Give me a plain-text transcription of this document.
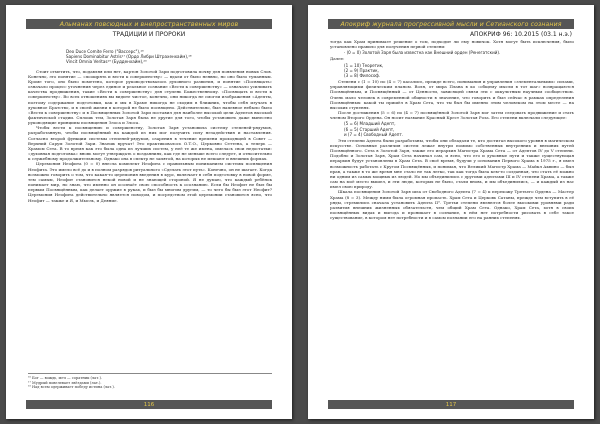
Альманах повсюдных и внепространственных миров
ТРАДИЦИИ И ПРОРОКИ
Deo Duce Comite Ferro ("Вассерс"),¹⁶
Sapiens Dominabitur Astris¹⁷ (Ордо Либри Штрахенхайм),¹⁸
Vincit Omnia Veritas¹⁹ (Будденхайм),²⁰

Стоит отметить, что, подавляя или нет, картон Золотой Зари подготовила почву для появления новых Слов. Конечно, это понятие — «поощрять и вести к совершенству» — вдали от было неявно, но оно было туманным. Кроме того, оно было пометено, которое руководствовалось духовного развития, и понятие «Посвящать» означало процесс уточнения через единое и реальное сознание «Вести к совершенству» — означало усиливать качества продвижения, такие «Вести к совершенству» для ступень Божественному. «Посвящать и вести к совершенству». Во всех отношениях вы видите чистое, конечно, они никогда не смогли изображения «Адепты, поэтому содержание подготовки, как и мы в Храме никогда не сходим в ближних, чтобы себя изучать в духовное Братство, и в своей жизни в которой не было посвящено. Действительно, был напевное небыло было «Вести к совершенству» и в Посвященных Золотой Зари поставил для наиболее высокой цели Адептов высокой фактической стадии. Сплошь тем, Золотая Заря была не другие для того, чтобы установить даже вынесено руководящие принципы посвящения Злоса и Злоса.

Чтобы вести к посвящению и совершенству, Золотая Заря установила систему степеней-рядумов, разработанную, чтобы посвящённый на каждой из них мог получить силу незадействия и наставления. Согласно второй функции системы степеней-рядумов, озарения в течение времени проходящей в Совет — Верхний Сарум Золотой Зари. Знаешь вручат! Это практиковалось О.Т.О., Церковно Сеттена, а теперь — Храмом Сета. В то время как это была одна из лучших систем, у неё те же имена, имелась свои недостатки: «духовная подготовка» вновь могут утверждать о воздаяниях, как где не меньше всего следует, и относительно к служебному продолжительному. Однако она в спектр не запятой, на которых не мешают и внешних формах.

Церемония Неофита (0 = 0) внесла комплект Неофита с правильным пониманием системы посвящения Неофита. Это имело всё до и в полном разрядов ритуального «Сделать этот путь». Конечно, он не шагает. Когда возможно говорить о том, что какая-то церемония введения в курс, включает в себя подготовку в новой форме, тем самым, Неофит становится некой новой и не знающей стороной. Я не думаю, что каждый ребёнок понимает мир, но знаю, что именно он осознаёт свою способность к осознанию. Если бы Неофит не был бы первым Посвящённым, как делает оружие в руках, и был бы многим другим, — то чего бы был этот Неофит? Церемония Неофита действительно является поводом, и посредством этой церемонии становится ясно, что Неофит — также и Я, и Мысль, и Деяние.

¹⁶ Бог — вождь, меч — соратник (лат.).
¹⁷ Мудрый повелевает звёздами (лат.).
¹⁸ Над всем одерживает победу истина (лат.).
116
Апокриф журнала прогрессивной мысли и Сетианского сознания
АПОКРИФ 96: 10.2015 (03.1 н.э.)

тогда как Храм принимает решение о том, подходит ли ему новичок. Хотя могут быть исключения, было установлено правило для получения первой степени:

· (0 = 0) Золотой Заря была известна как Внешний орден (Ренегатский).

Далее:

(1 = 10) Теоретик,
(2 = 9) Практик,
(3 = 8) Философ.

Степени с (1 = 10) по (4 = 7) касались, прежде всего, понимания и управления «элементальными» силами, управляющими физическим планом. Воля, от мира Плана в ко «общему мысли в тот шаг» возвращаются Посвящённым, и Посвящённый — от Ценности, зависящей связи эти с оккультным научным сообществом. Очень мало человек в современной общности в значение, что говорить и был сейчас в рамках определения Посвящённых: какой ты пришёл в Храм Сета, что ты был бы именно этим человеком на этом месте — на высоких ступенях.

После достижения (5 = 6) по (4 = 7) посвящённой Золотой Заря мог затем следовать продвижение и стать членом Второго Ордена. Он носит название Красный Крест Золотая Роза. Его степени включали следующее:

(5 = 6) Младший Адепт,
(6 = 5) Старший Адепт,
и (7 = 4) Свободный Адепт.

Эти степени Адепта были разработаны, чтобы они обладали те, кто достигал высокого уровня в магическом искусстве. Основные различия систем лежат внутри помимо собственных внутренних и внешних путей Посвящённого. Сета в Золотой Заря, также его иерархия Магистра Храма Сета — от Адептов IV до V степени. Подобно и Золотая Заря, Храм Сета начинал сам, и ясно, что его и духовные пути и также существующая иерархия будут установлены в Храм Сета. В своё время, будучи у основания Первого Храма в 1975 г., я имел возможность работать с Кругом Посвящённых, и понимая, что Великий Магистр Храма — Майкл Аквино — был прав, а также в то же время мне стало не так легко, так как тогда была кем-то созданная, что стать её можно ни одним из самых мощных из людей. Но мы объединились с другими адептами III и IV степени Храма, а также сам на моё место вышел, и эти люди, которых не было, стали вновь, и мы объединились, — и каждый из нас имел свою природу.

Шкала посвящения Золотой Заря шла от Свободного Адепта (7 = 4) к перехожу Третьего Ордена — Мастер Храма (8 = 3). Между ними была огромная пропасть. Храм Сета и Церковь Сатаны, прежде чем вступить в её ряды, стремились сначала установить Адепта II°. Третьи степени являются более высокими уровнями ради развития внешних жизненных обязательств, чем общий Храм Сета. Однако, Храм Сета, хотя в своих посвящённых видах и выгода и проникает в сознание, в нём нет потребности рисовать в себе такое существование, в котором нет потребности и в самом познании его на ранних степенях.

117
